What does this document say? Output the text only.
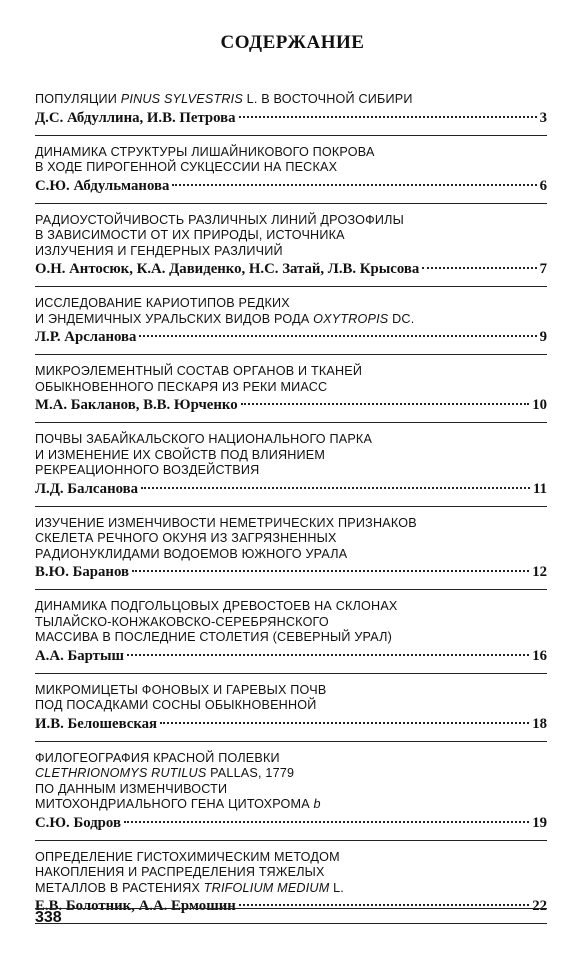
СОДЕРЖАНИЕ
ПОПУЛЯЦИИ PINUS SYLVESTRIS L. В ВОСТОЧНОЙ СИБИРИ
Д.С. Абдуллина, И.В. Петрова	3
ДИНАМИКА СТРУКТУРЫ ЛИШАЙНИКОВОГО ПОКРОВА
В ХОДЕ ПИРОГЕННОЙ СУКЦЕССИИ НА ПЕСКАХ
С.Ю. Абдульманова	6
РАДИОУСТОЙЧИВОСТЬ РАЗЛИЧНЫХ ЛИНИЙ ДРОЗОФИЛЫ
В ЗАВИСИМОСТИ ОТ ИХ ПРИРОДЫ, ИСТОЧНИКА
ИЗЛУЧЕНИЯ И ГЕНДЕРНЫХ РАЗЛИЧИЙ
О.Н. Антосюк, К.А. Давиденко, Н.С. Затай, Л.В. Крысова	7
ИССЛЕДОВАНИЕ КАРИОТИПОВ РЕДКИХ
И ЭНДЕМИЧНЫХ УРАЛЬСКИХ ВИДОВ РОДА OXYTROPIS DC.
Л.Р. Арсланова	9
МИКРОЭЛЕМЕНТНЫЙ СОСТАВ ОРГАНОВ И ТКАНЕЙ
ОБЫКНОВЕННОГО ПЕСКАРЯ ИЗ РЕКИ МИАСС
М.А. Бакланов, В.В. Юрченко	10
ПОЧВЫ ЗАБАЙКАЛЬСКОГО НАЦИОНАЛЬНОГО ПАРКА
И ИЗМЕНЕНИЕ ИХ СВОЙСТВ ПОД ВЛИЯНИЕМ
РЕКРЕАЦИОННОГО ВОЗДЕЙСТВИЯ
Л.Д. Балсанова	11
ИЗУЧЕНИЕ ИЗМЕНЧИВОСТИ НЕМЕТРИЧЕСКИХ ПРИЗНАКОВ
СКЕЛЕТА РЕЧНОГО ОКУНЯ ИЗ ЗАГРЯЗНЕННЫХ
РАДИОНУКЛИДАМИ ВОДОЕМОВ ЮЖНОГО УРАЛА
В.Ю. Баранов	12
ДИНАМИКА ПОДГОЛЬЦОВЫХ ДРЕВОСТОЕВ НА СКЛОНАХ
ТЫЛАЙСКО-КОНЖАКОВСКО-СЕРЕБРЯНСКОГО
МАССИВА В ПОСЛЕДНИЕ СТОЛЕТИЯ (СЕВЕРНЫЙ УРАЛ)
А.А. Бартыш	16
МИКРОМИЦЕТЫ ФОНОВЫХ И ГАРЕВЫХ ПОЧВ
ПОД ПОСАДКАМИ СОСНЫ ОБЫКНОВЕННОЙ
И.В. Белошевская	18
ФИЛОГЕОГРАФИЯ КРАСНОЙ ПОЛЕВКИ
CLETHRIONOMYS RUTILUS PALLAS, 1779
ПО ДАННЫМ ИЗМЕНЧИВОСТИ
МИТОХОНДРИАЛЬНОГО ГЕНА ЦИТОХРОМА b
С.Ю. Бодров	19
ОПРЕДЕЛЕНИЕ ГИСТОХИМИЧЕСКИМ МЕТОДОМ
НАКОПЛЕНИЯ И РАСПРЕДЕЛЕНИЯ ТЯЖЕЛЫХ
МЕТАЛЛОВ В РАСТЕНИЯХ TRIFOLIUM MEDIUM L.
Е.В. Болотник, А.А. Ермошин	22
338
